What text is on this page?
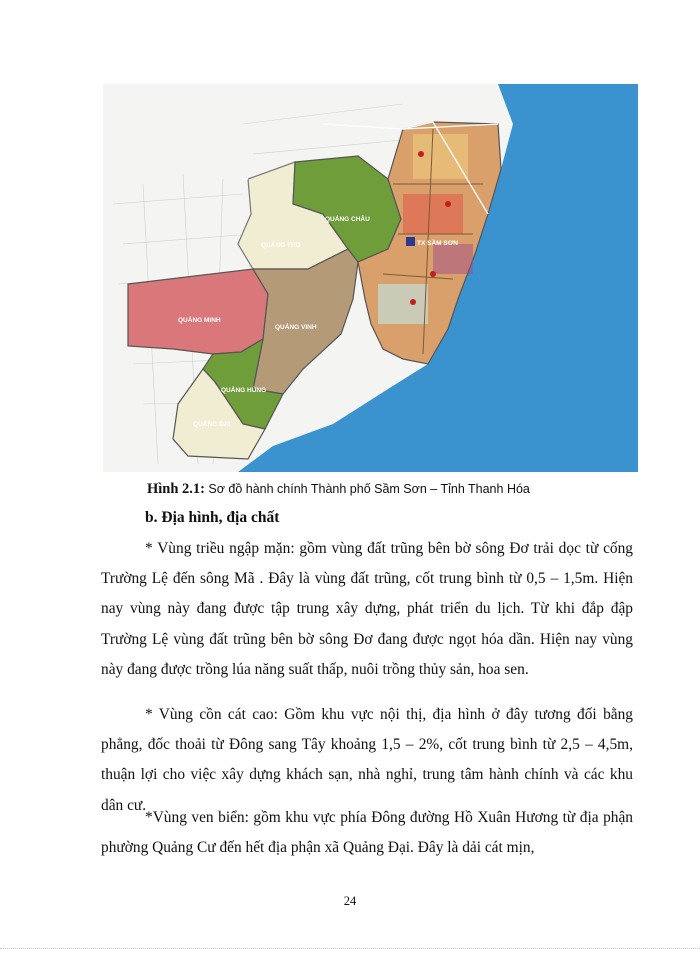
QUẢNG CHÂU
QUẢNG THỌ
QUẢNG MINH
QUẢNG VINH
QUẢNG HÙNG
QUẢNG ĐẠI
TX SẦM SƠN
Hình 2.1: Sơ đồ hành chính Thành phố Sầm Sơn – Tỉnh Thanh Hóa
b. Địa hình, địa chất

* Vùng triều ngập mặn: gồm vùng đất trũng bên bờ sông Đơ trải dọc từ cống Trường Lệ đến sông Mã . Đây là vùng đất trũng, cốt trung bình từ 0,5 – 1,5m. Hiện nay vùng này đang được tập trung xây dựng, phát triển du lịch. Từ khi đắp đập Trường Lệ vùng đất trũng bên bờ sông Đơ đang được ngọt hóa dần. Hiện nay vùng này đang được trồng lúa năng suất thấp, nuôi trồng thủy sản, hoa sen.

* Vùng cồn cát cao: Gồm khu vực nội thị, địa hình ở đây tương đối bằng phẳng, đốc thoải từ Đông sang Tây khoảng 1,5 – 2%, cốt trung bình từ 2,5 – 4,5m, thuận lợi cho việc xây dựng khách sạn, nhà nghỉ, trung tâm hành chính và các khu dân cư.

*Vùng ven biển: gồm khu vực phía Đông đường Hồ Xuân Hương từ địa phận phường Quảng Cư đến hết địa phận xã Quảng Đại. Đây là dải cát mịn,

24
